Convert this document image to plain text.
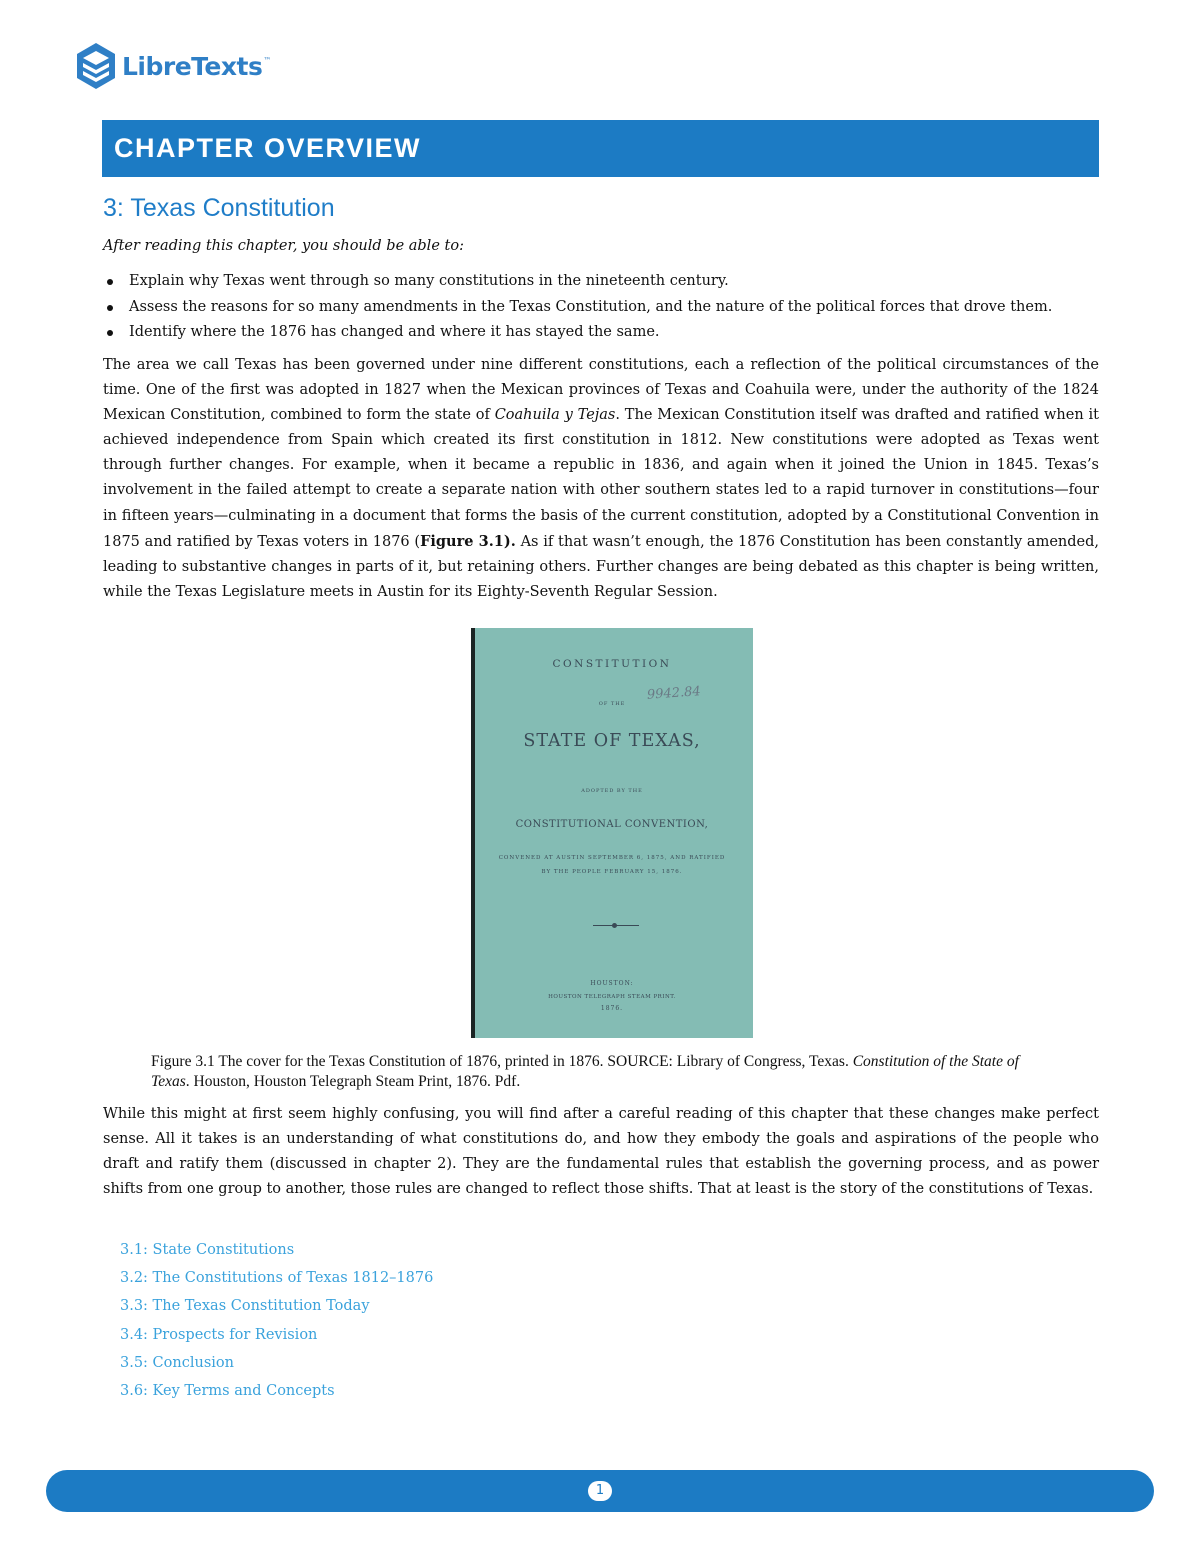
LibreTexts ™
CHAPTER OVERVIEW
3: Texas Constitution
After reading this chapter, you should be able to:
Explain why Texas went through so many constitutions in the nineteenth century.
Assess the reasons for so many amendments in the Texas Constitution, and the nature of the political forces that drove them.
Identify where the 1876 has changed and where it has stayed the same.

The area we call Texas has been governed under nine different constitutions, each a reflection of the political circumstances of the time. One of the first was adopted in 1827 when the Mexican provinces of Texas and Coahuila were, under the authority of the 1824 Mexican Constitution, combined to form the state of Coahuila y Tejas. The Mexican Constitution itself was drafted and ratified when it achieved independence from Spain which created its first constitution in 1812. New constitutions were adopted as Texas went through further changes. For example, when it became a republic in 1836, and again when it joined the Union in 1845. Texas’s involvement in the failed attempt to create a separate nation with other southern states led to a rapid turnover in constitutions—four in fifteen years—culminating in a document that forms the basis of the current constitution, adopted by a Constitutional Convention in 1875 and ratified by Texas voters in 1876 (Figure 3.1). As if that wasn’t enough, the 1876 Constitution has been constantly amended, leading to substantive changes in parts of it, but retaining others. Further changes are being debated as this chapter is being written, while the Texas Legislature meets in Austin for its Eighty-Seventh Regular Session.

CONSTITUTION
9942.84
OF THE
STATE OF TEXAS,
ADOPTED BY THE
CONSTITUTIONAL CONVENTION,
CONVENED AT AUSTIN SEPTEMBER 6, 1875, AND RATIFIED
BY THE PEOPLE FEBRUARY 15, 1876.
HOUSTON:
HOUSTON TELEGRAPH STEAM PRINT.
1876.

Figure 3.1 The cover for the Texas Constitution of 1876, printed in 1876. SOURCE: Library of Congress, Texas. Constitution of the State of Texas. Houston, Houston Telegraph Steam Print, 1876. Pdf.

While this might at first seem highly confusing, you will find after a careful reading of this chapter that these changes make perfect sense. All it takes is an understanding of what constitutions do, and how they embody the goals and aspirations of the people who draft and ratify them (discussed in chapter 2). They are the fundamental rules that establish the governing process, and as power shifts from one group to another, those rules are changed to reflect those shifts. That at least is the story of the constitutions of Texas.

3.1: State Constitutions
3.2: The Constitutions of Texas 1812–1876
3.3: The Texas Constitution Today
3.4: Prospects for Revision
3.5: Conclusion
3.6: Key Terms and Concepts
1
